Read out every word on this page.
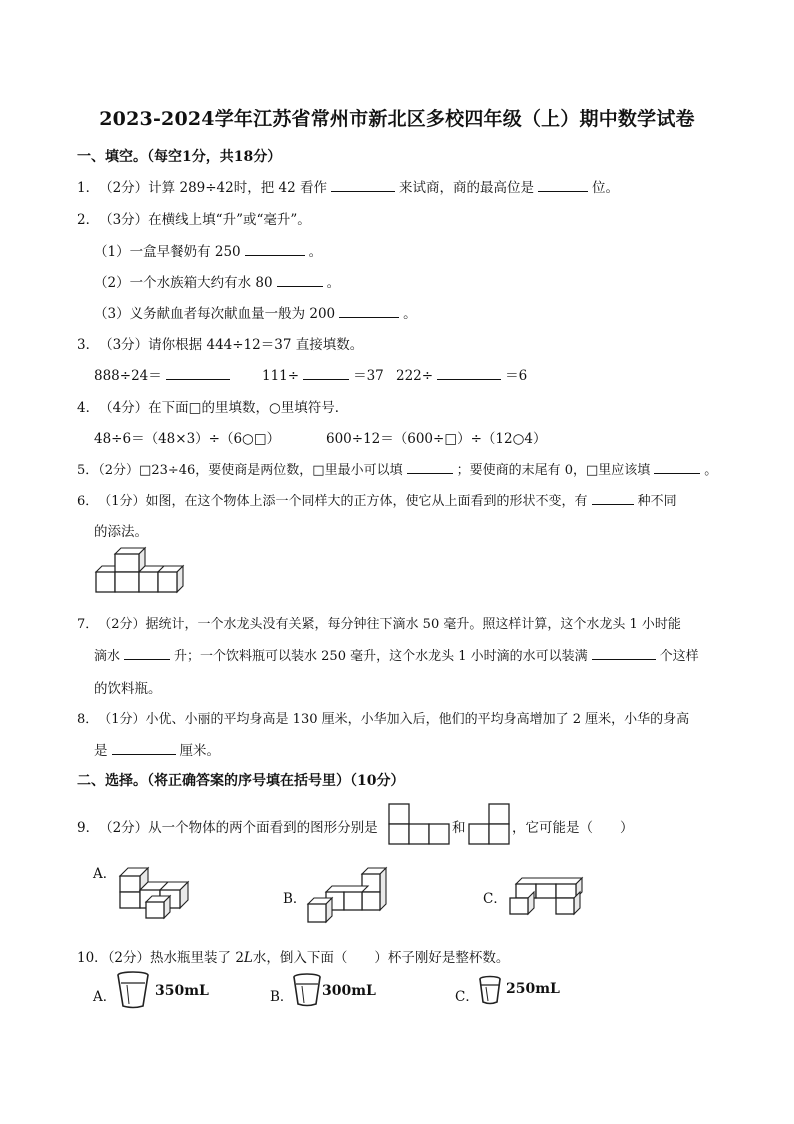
2023-2024学年江苏省常州市新北区多校四年级（上）期中数学试卷
一、填空。（每空1分，共18分）
1．（2分）计算 289÷42时，把 42 看作	来试商，商的最高位是	位。
2．（3分）在横线上填“升”或“毫升”。
（1）一盒早餐奶有 250	。
（2）一个水族箱大约有水 80	。
（3）义务献血者每次献血量一般为 200	。
3．（3分）请你根据 444÷12＝37 直接填数。
888÷24＝	111÷	＝37 222÷	＝6
4．（4分）在下面□的里填数，○里填符号．
48÷6＝（48×3）÷（6○□）	600÷12＝（600÷□）÷（12○4）
5．（2分）□23÷46，要使商是两位数，□里最小可以填	；要使商的末尾有 0，□里应该填	。
6．（1分）如图，在这个物体上添一个同样大的正方体，使它从上面看到的形状不变，有	种不同
的添法。
7．（2分）据统计，一个水龙头没有关紧，每分钟往下滴水 50 毫升。照这样计算，这个水龙头 1 小时能
滴水	升；一个饮料瓶可以装水 250 毫升，这个水龙头 1 小时滴的水可以装满	个这样
的饮料瓶。
8．（1分）小优、小丽的平均身高是 130 厘米，小华加入后，他们的平均身高增加了 2 厘米，小华的身高
是	厘米。
二、选择。（将正确答案的序号填在括号里）（10分）
9．（2分）从一个物体的两个面看到的图形分别是	和	，它可能是（　　）
A．
B．	C．
10．（2分）热水瓶里装了 2L水，倒入下面（　　）杯子刚好是整杯数。
A．	350mL	B． 300mL	C． 250mL
